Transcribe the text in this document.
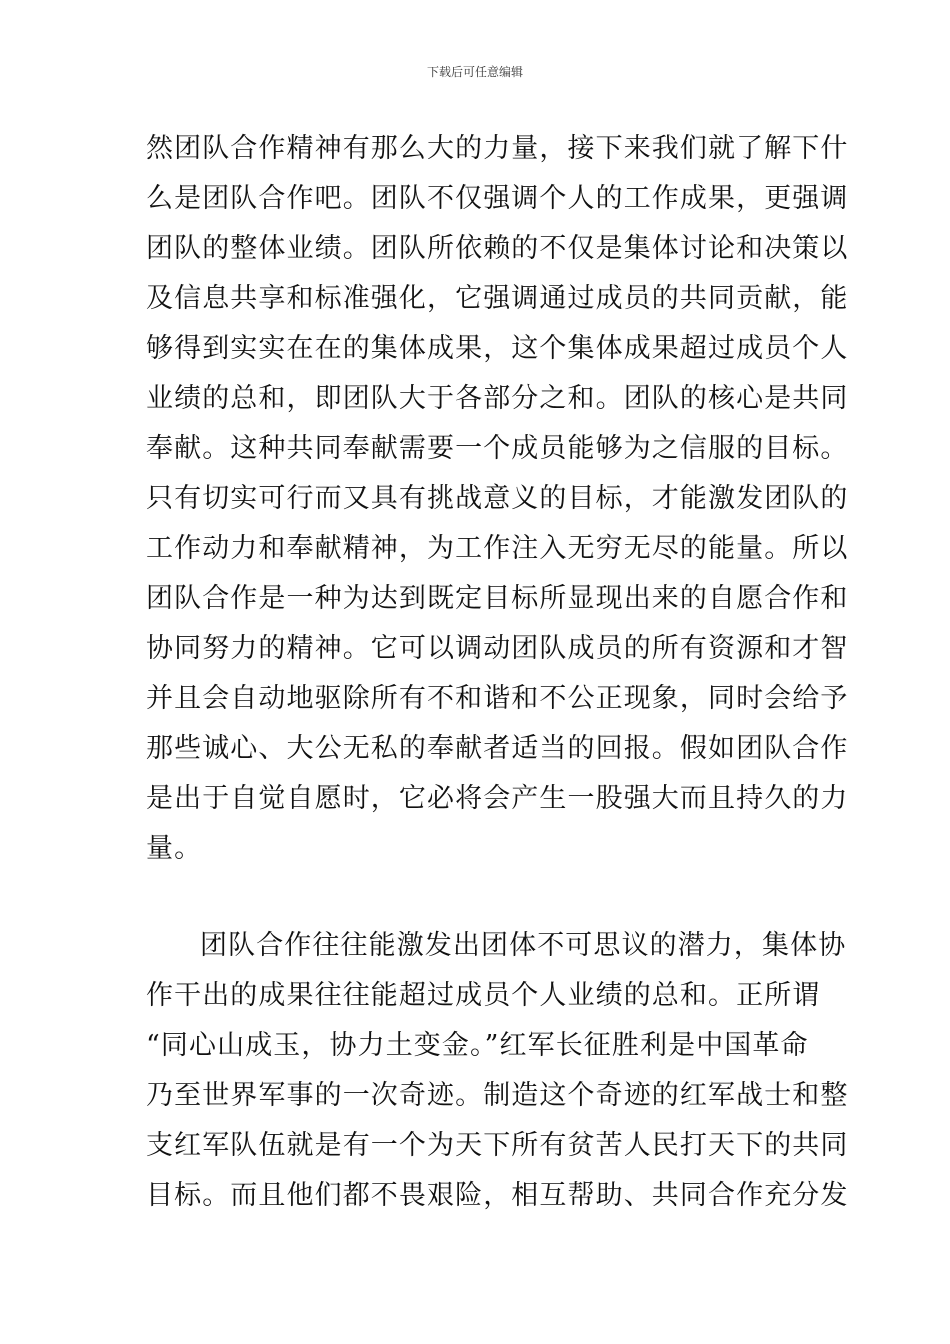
下载后可任意编辑
然团队合作精神有那么大的力量，接下来我们就了解下什
么是团队合作吧。团队不仅强调个人的工作成果，更强调
团队的整体业绩。团队所依赖的不仅是集体讨论和决策以
及信息共享和标准强化，它强调通过成员的共同贡献，能
够得到实实在在的集体成果，这个集体成果超过成员个人
业绩的总和，即团队大于各部分之和。团队的核心是共同
奉献。这种共同奉献需要一个成员能够为之信服的目标。
只有切实可行而又具有挑战意义的目标，才能激发团队的
工作动力和奉献精神，为工作注入无穷无尽的能量。所以
团队合作是一种为达到既定目标所显现出来的自愿合作和
协同努力的精神。它可以调动团队成员的所有资源和才智
并且会自动地驱除所有不和谐和不公正现象，同时会给予
那些诚心、大公无私的奉献者适当的回报。假如团队合作
是出于自觉自愿时，它必将会产生一股强大而且持久的力
量。
团队合作往往能激发出团体不可思议的潜力，集体协
作干出的成果往往能超过成员个人业绩的总和。正所谓
“同心山成玉，协力土变金。”红军长征胜利是中国革命
乃至世界军事的一次奇迹。制造这个奇迹的红军战士和整
支红军队伍就是有一个为天下所有贫苦人民打天下的共同
目标。而且他们都不畏艰险，相互帮助、共同合作充分发
